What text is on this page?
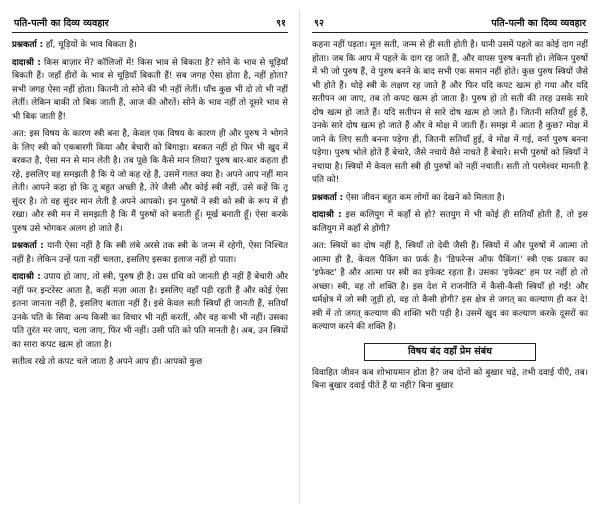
पति-पत्नी का दिव्य व्यवहार	९१

प्रश्नकर्ता : हाँ, चूड़ियों के भाव बिकता है।

दादाश्री : किस बाज़ार में? कॉलिजों में! किस भाव से बिकता है? सोने के भाव से चूड़ियाँ बिकती हैं। जहाँ हीरों के भाव से चूड़ियाँ बिकती हैं! सब जगह ऐसा होता है, नहीं होता? सभी जगह ऐसा नहीं होता। कितनी तो सोने की भी नहीं लेतीं। पाँच कुछ भी दो तो भी नहीं लेतीं। लेकिन बाकी तो बिक जाती हैं, आज की औरतें। सोने के भाव नहीं तो दूसरे भाव से भी बिक जाती हैं!

अत: इस विषय के कारण स्त्री बना है, केवल एक विषय के कारण ही और पुरुष ने भोगने के लिए स्त्री को एकबारगी किया और बेचारी को बिगाड़ा। बरकत नहीं हो फिर भी खुद में बरकत है, ऐसा मन से मान लेती है। तब पूछे कि कैसे मान लिया? पुरुष बार-बार कहता ही रहे, इसलिए वह समझती है कि ये जो कह रहे हैं, उसमें गलत क्या है। अपने आप नहीं मान लेती। आपने कहा हो कि तू बहुत अच्छी है, तेरे जैसी और कोई स्त्री नहीं, उसे कहें कि तू सुंदर है। तो वह सुंदर मान लेती है अपने आपको। इन पुरुषों ने स्त्री को स्त्री के रूप में ही रखा। और स्त्री मन में समझती है कि मैं पुरुषों को बनाती हूँ। मूर्ख बनाती हूँ। ऐसा करके पुरुष उसे भोगकर अलग हो जाते हैं।

प्रश्नकर्ता : यानी ऐसा नहीं है कि स्त्री लंबे अरसे तक स्त्री के जन्म में रहेगी, ऐसा निश्चित नहीं है। लेकिन उन्हें पता नहीं चलता, इसलिए इसका इलाज नहीं हो पाता।

दादाश्री : उपाय हो जाए, तो स्त्री, पुरुष ही है। उस ग्रंथि को जानती ही नहीं हैं बेचारी और नहीं फर इन्टरेस्ट आता है, कहीं मज़ा आता है। इसलिए वहाँ पड़ी रहती हैं और कोई ऐसा इतना जानता नहीं है, इसलिए बताता नहीं हैं। इसे केवल सती स्त्रियाँ ही जानती हैं, सतियाँ उनके पति के सिवा अन्य किसी का विचार भी नहीं करतीं, और वह कभी भी नहीं। उसका पति तुरंत मर जाए, चला जाए, फिर भी नहीं। उसी पति को पति मानती है। अब, उन स्त्रियों का सारा कपट खत्म हो जाता है।

सतीत्व रखे तो कपट चले जाता है अपने आप ही। आपको कुछ

९२	पति-पत्नी का दिव्य व्यवहार

कहना नहीं पड़ता। मूल सती, जन्म से ही सती होती है। यानी उसमें पहले का कोई दाग नहीं होता। जब कि आप में पहले के दाग रह जाते हैं, और वापस पुरुष बनती हो। लेकिन पुरुषों में भी जो पुरुष हैं, वे पुरुष बनने के बाद सभी एक समान नहीं होते। कुछ पुरुष स्त्रियों जैसे भी होते हैं। थोड़े स्त्री के लक्षण रह जाते हैं और फिर यदि कपट खत्म हो गया और यदि सतीपन आ जाए, तब तो कपट खत्म हो जाता है। पुरुष हो तो सती की तरह उसके सारे दोष खत्म हो जाते हैं। यदि सतीपन से सारे दोष खत्म हो जाते हैं। जितनी सतियाँ हुई हैं, उनके सारे दोष खत्म हो जाते हैं और वे मोक्ष में जाती हैं। समझ में आता है कुछ? मोक्ष में जाने के लिए सती बनना पड़ेगा ही, जितनी सतियाँ हुई, वे मोक्ष में गई, वर्ना पुरुष बनना पड़ेगा। पुरुष भोले होते हैं बेचारे, जैसे नचाये वैसे नाचते हैं बेचारे। सभी पुरुषों को स्त्रियाँ ने नचाया है। स्त्रियों में केवल सती स्त्री ही पुरुषों को नहीं नचाती। सती तो परमेश्वर मानती है पति को!

प्रश्नकर्ता : ऐसा जीवन बहुत कम लोगों का देखने को मिलता है।

दादाश्री : इस कलियुग में कहाँ से हो? सतयुग में भी कोई ही सतियाँ होती हैं, तो इस कलियुग में कहाँ से होंगी?

अत: स्त्रियों का दोष नहीं है, स्त्रियाँ तो देवी जैसी हैं। स्त्रियों में और पुरुषों में आत्मा तो आत्मा ही है, केवल पैकिंग का फ़र्क है। 'डिफरेन्स ऑफ पैकिंग!' स्त्री एक प्रकार का 'इफेक्ट' है और आत्मा पर स्त्री का इफेक्ट रहता है। उसका 'इफेक्ट' हम पर नहीं हो तो अच्छा। स्त्री, वह तो शक्ति है। इस देश में राजनीति में कैसी-कैसी स्त्रियाँ हो गईं! और धर्मक्षेत्र में जो स्त्री जुड़ी हो, वह तो कैसी होगी? इस क्षेत्र से जगत्‌ का कल्याण ही कर दे! स्त्री में तो जगत्‌ कल्याण की शक्ति भरी पड़ी है। उसमें खुद का कल्याण करके दूसरों का कल्याण करने की शक्ति है।

विषय बंद वहाँ प्रेम संबंध

विवाहित जीवन कब शोभायमान होता है? जब दोनों को बुखार चढ़े, तभी दवाई पीएँ, तब। बिना बुखार दवाई पीते हैं या नहीं? बिना बुखार
